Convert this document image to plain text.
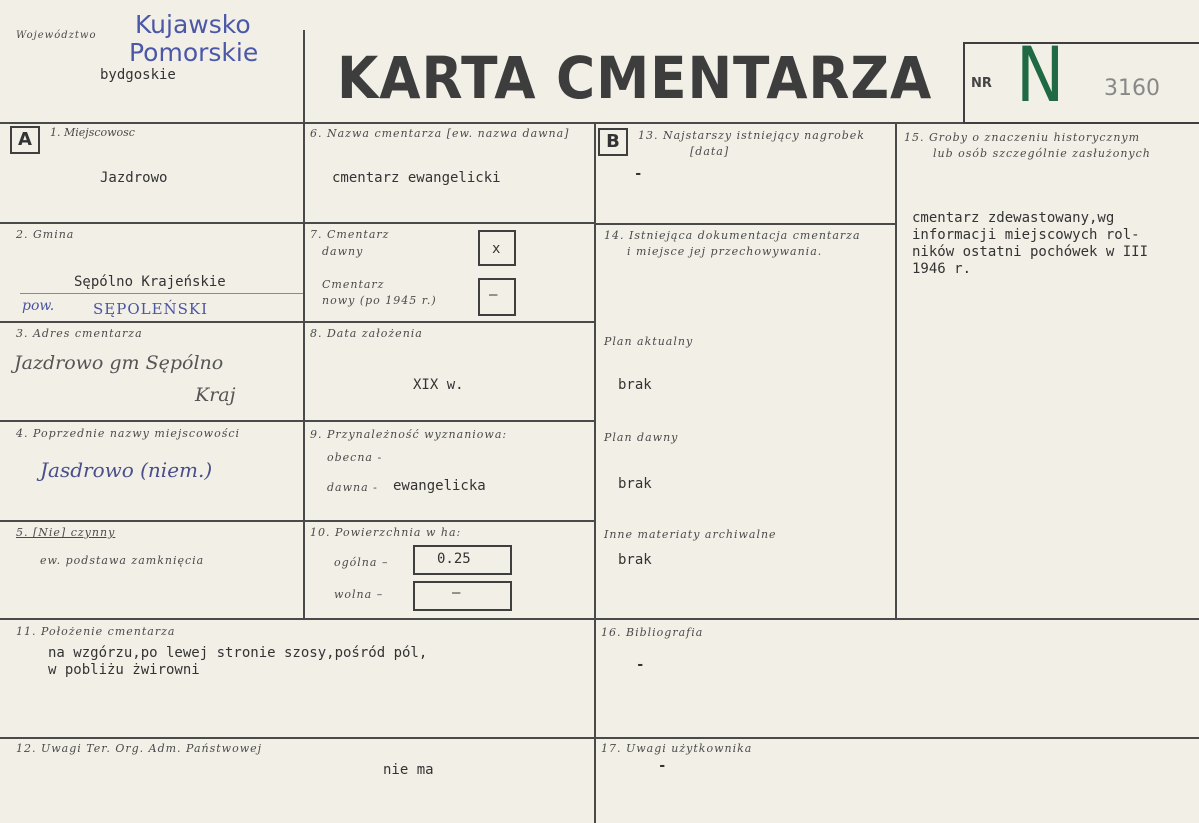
Województwo Kujawsko
Pomorskie
bydgoskie	KARTA CMENTARZA	NR N 3160
A	1. Miejscowosc
Jazdrowo
2. Gmina
Sępólno Krajeńskie
pow.	SĘPOLEŃSKI
3. Adres cmentarza
Jazdrowo gm Sępólno
Kraj
4. Poprzednie nazwy miejscowości
Jasdrowo (niem.)
5. [Nie] czynny
ew. podstawa zamknięcia
6. Nazwa cmentarza [ew. nazwa dawna]
cmentarz ewangelicki
7. Cmentarz
dawny	x
Cmentarz
nowy (po 1945 r.)	—
8. Data założenia
XIX w.
9. Przynależność wyznaniowa:
obecna -
dawna - ewangelicka
10. Powierzchnia w ha:
ogólna –	0.25
wolna –	—
B	13. Najstarszy istniejący nagrobek
[data]
-
14. Istniejąca dokumentacja cmentarza
i miejsce jej przechowywania.
Plan aktualny
brak
Plan dawny
brak
Inne materiaty archiwalne
brak
15. Groby o znaczeniu historycznym
lub osób szczególnie zasłużonych
cmentarz zdewastowany,wg
informacji miejscowych rol-
ników ostatni pochówek w III
1946 r.
11. Położenie cmentarza
na wzgórzu,po lewej stronie szosy,pośród pól,
w pobliżu żwirowni
16. Bibliografia
-
12. Uwagi Ter. Org. Adm. Państwowej
nie ma
17. Uwagi użytkownika
-
